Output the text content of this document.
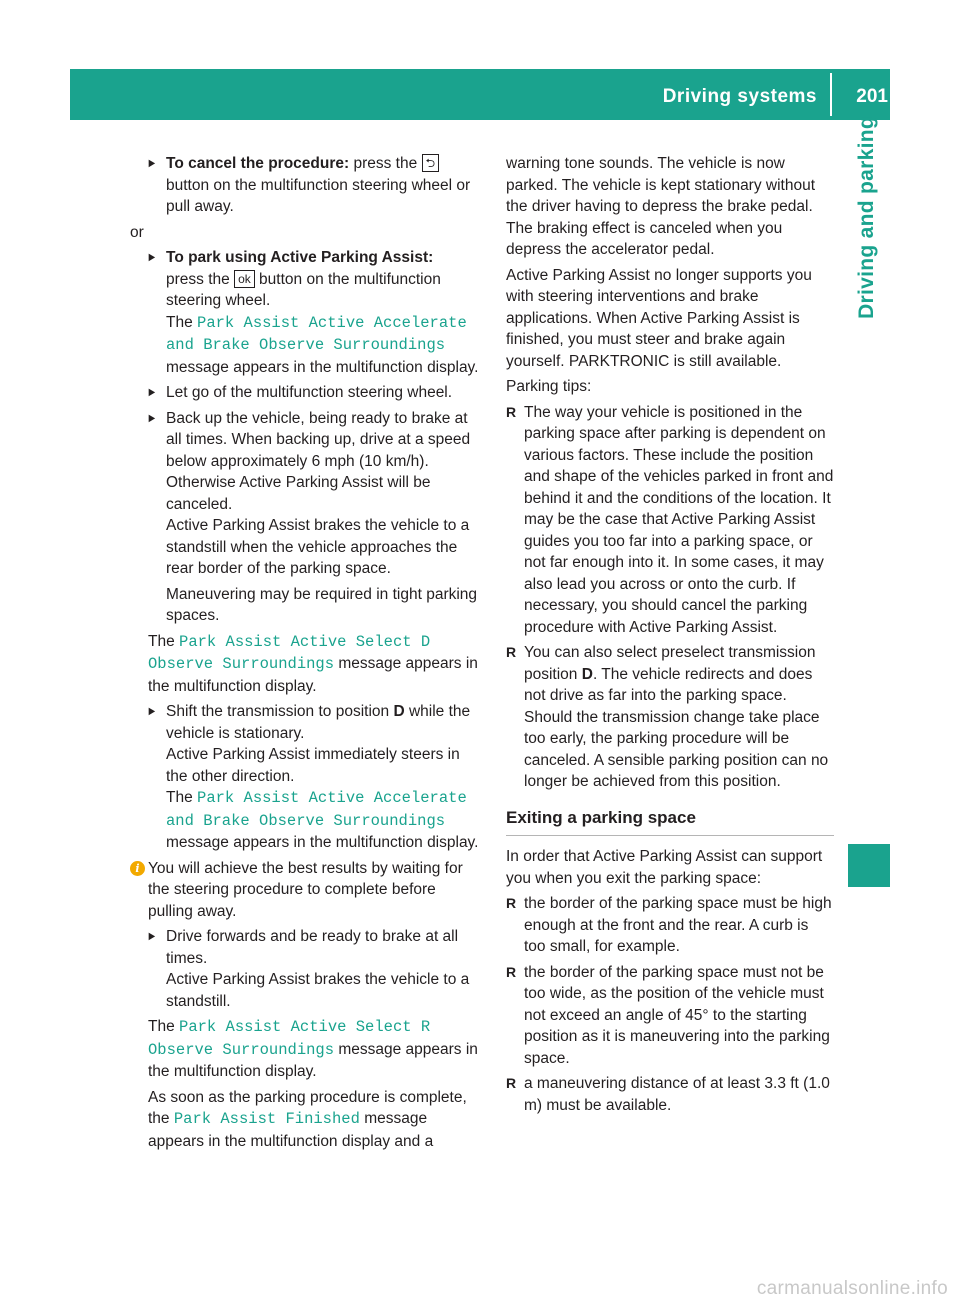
Driving systems 201
Driving and parking
▶ To cancel the procedure: press the ⮌ button on the multifunction steering wheel or pull away.

or

▶ To park using Active Parking Assist:
press the ok button on the multifunction steering wheel.
The Park Assist Active Accelerate and Brake Observe Surroundings message appears in the multifunction display.
▶ Let go of the multifunction steering wheel.
▶ Back up the vehicle, being ready to brake at all times. When backing up, drive at a speed below approximately 6 mph (10 km/h). Otherwise Active Parking Assist will be canceled.
Active Parking Assist brakes the vehicle to a standstill when the vehicle approaches the rear border of the parking space.
Maneuvering may be required in tight parking spaces.

The Park Assist Active Select D Observe Surroundings message appears in the multifunction display.

▶ Shift the transmission to position D while the vehicle is stationary.
Active Parking Assist immediately steers in the other direction.
The Park Assist Active Accelerate and Brake Observe Surroundings message appears in the multifunction display.
i You will achieve the best results by waiting for the steering procedure to complete before pulling away.
▶ Drive forwards and be ready to brake at all times.
Active Parking Assist brakes the vehicle to a standstill.

The Park Assist Active Select R Observe Surroundings message appears in the multifunction display.

As soon as the parking procedure is complete, the Park Assist Finished message appears in the multifunction display and a

warning tone sounds. The vehicle is now parked. The vehicle is kept stationary without the driver having to depress the brake pedal. The braking effect is canceled when you depress the accelerator pedal.

Active Parking Assist no longer supports you with steering interventions and brake applications. When Active Parking Assist is finished, you must steer and brake again yourself. PARKTRONIC is still available.

Parking tips:

R The way your vehicle is positioned in the parking space after parking is dependent on various factors. These include the position and shape of the vehicles parked in front and behind it and the conditions of the location. It may be the case that Active Parking Assist guides you too far into a parking space, or not far enough into it. In some cases, it may also lead you across or onto the curb. If necessary, you should cancel the parking procedure with Active Parking Assist.
R You can also select preselect transmission position D. The vehicle redirects and does not drive as far into the parking space.
Should the transmission change take place too early, the parking procedure will be canceled. A sensible parking position can no longer be achieved from this position.
Exiting a parking space

In order that Active Parking Assist can support you when you exit the parking space:

R the border of the parking space must be high enough at the front and the rear. A curb is too small, for example.
R the border of the parking space must not be too wide, as the position of the vehicle must not exceed an angle of 45° to the starting position as it is maneuvering into the parking space.
R a maneuvering distance of at least 3.3 ft (1.0 m) must be available.
carmanualsonline.info
